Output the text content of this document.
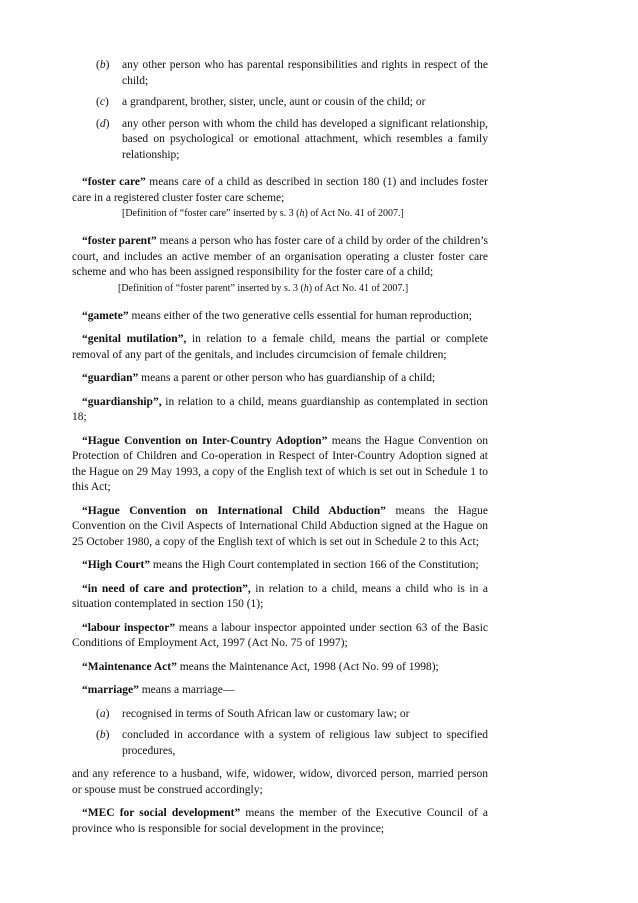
( b )	any other person who has parental responsibilities and rights in respect of the child;
( c )	a grandparent, brother, sister, uncle, aunt or cousin of the child; or
( d )	any other person with whom the child has developed a significant relationship, based on psychological or emotional attachment, which resembles a family relationship;

“foster care” means care of a child as described in section 180 (1) and includes foster care in a registered cluster foster care scheme;

[Definition of “foster care” inserted by s. 3 (h) of Act No. 41 of 2007.]

“foster parent” means a person who has foster care of a child by order of the children’s court, and includes an active member of an organisation operating a cluster foster care scheme and who has been assigned responsibility for the foster care of a child;

[Definition of “foster parent” inserted by s. 3 (h) of Act No. 41 of 2007.]

“gamete” means either of the two generative cells essential for human reproduction;

“genital mutilation”, in relation to a female child, means the partial or complete removal of any part of the genitals, and includes circumcision of female children;

“guardian” means a parent or other person who has guardianship of a child;

“guardianship”, in relation to a child, means guardianship as contemplated in section 18;

“Hague Convention on Inter-Country Adoption” means the Hague Convention on Protection of Children and Co-operation in Respect of Inter-Country Adoption signed at the Hague on 29 May 1993, a copy of the English text of which is set out in Schedule 1 to this Act;

“Hague Convention on International Child Abduction” means the Hague Convention on the Civil Aspects of International Child Abduction signed at the Hague on 25 October 1980, a copy of the English text of which is set out in Schedule 2 to this Act;

“High Court” means the High Court contemplated in section 166 of the Constitution;

“in need of care and protection”, in relation to a child, means a child who is in a situation contemplated in section 150 (1);

“labour inspector” means a labour inspector appointed under section 63 of the Basic Conditions of Employment Act, 1997 (Act No. 75 of 1997);

“Maintenance Act” means the Maintenance Act, 1998 (Act No. 99 of 1998);

“marriage” means a marriage—

( a )	recognised in terms of South African law or customary law; or
( b )	concluded in accordance with a system of religious law subject to specified procedures,

and any reference to a husband, wife, widower, widow, divorced person, married person or spouse must be construed accordingly;

“MEC for social development” means the member of the Executive Council of a province who is responsible for social development in the province;
